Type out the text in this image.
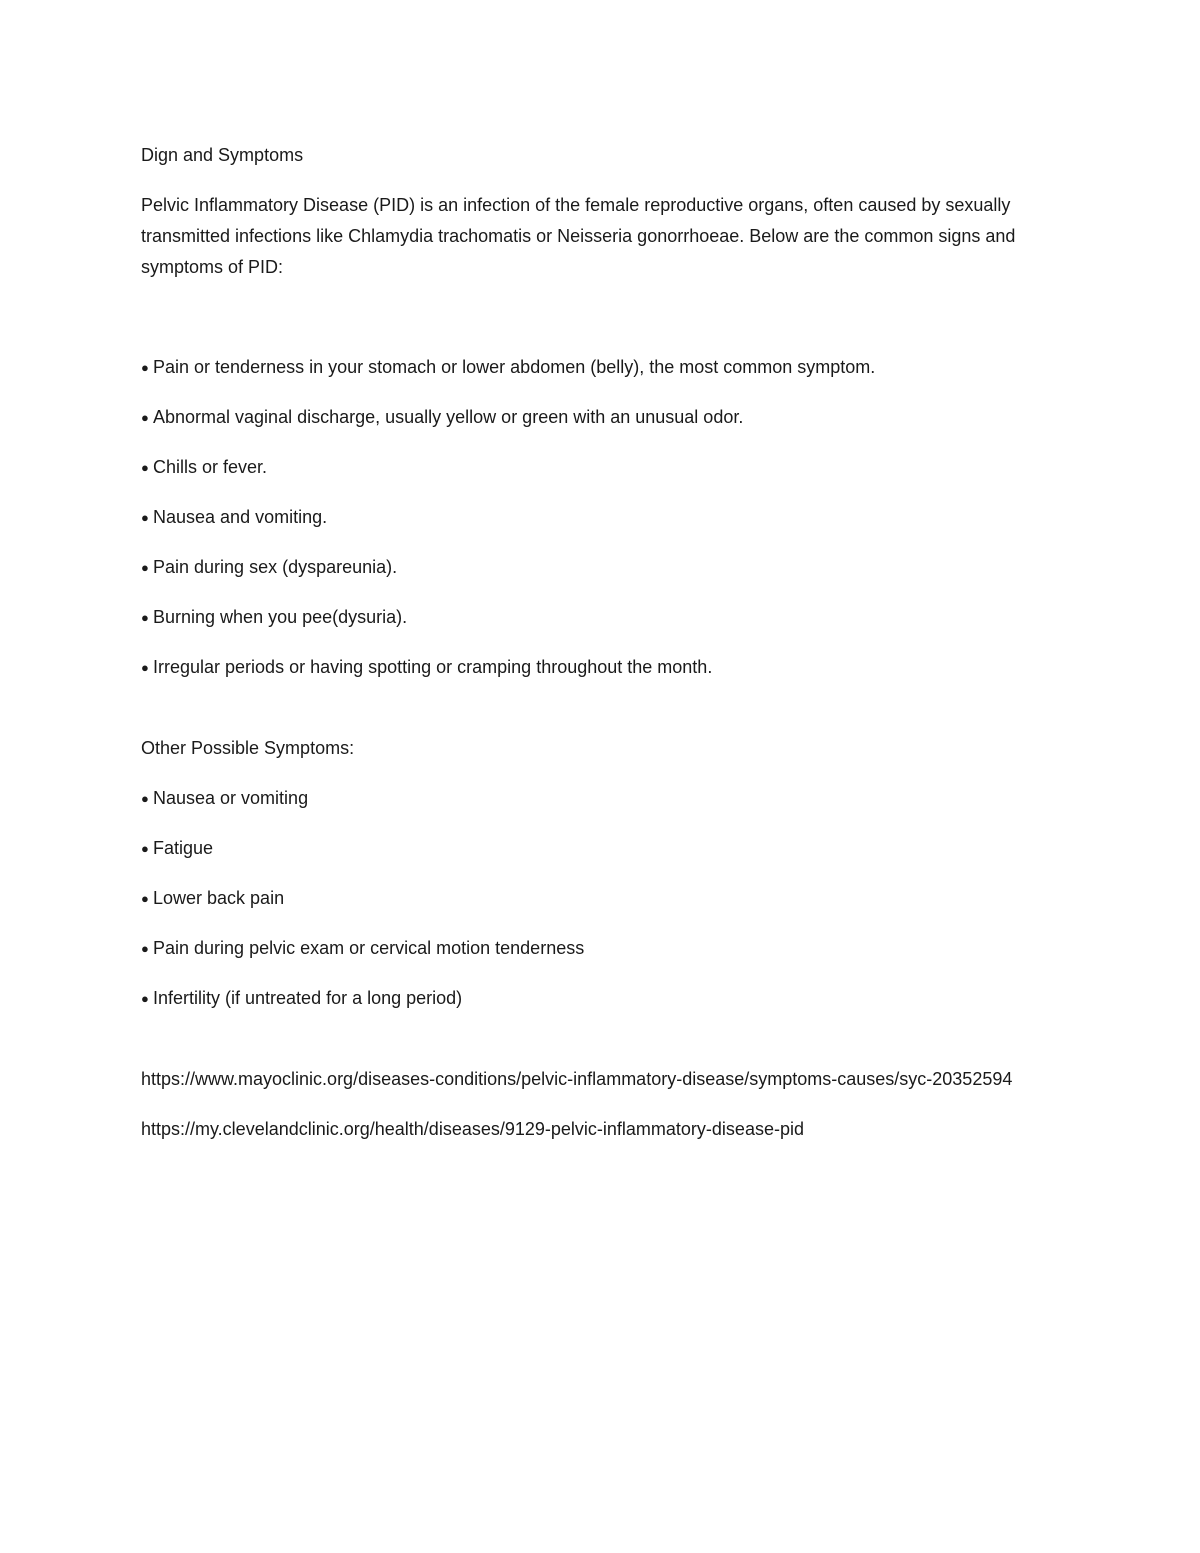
Dign and Symptoms

Pelvic Inflammatory Disease (PID) is an infection of the female reproductive organs, often caused by sexually transmitted infections like Chlamydia trachomatis or Neisseria gonorrhoeae. Below are the common signs and symptoms of PID:

● Pain or tenderness in your stomach or lower abdomen (belly), the most common symptom.
● Abnormal vaginal discharge, usually yellow or green with an unusual odor.
● Chills or fever.
● Nausea and vomiting.
● Pain during sex (dyspareunia).
● Burning when you pee(dysuria).
● Irregular periods or having spotting or cramping throughout the month.

Other Possible Symptoms:

● Nausea or vomiting
● Fatigue
● Lower back pain
● Pain during pelvic exam or cervical motion tenderness
● Infertility (if untreated for a long period)

https://www.mayoclinic.org/diseases-conditions/pelvic-inflammatory-disease/symptoms-causes/syc-20352594

https://my.clevelandclinic.org/health/diseases/9129-pelvic-inflammatory-disease-pid
